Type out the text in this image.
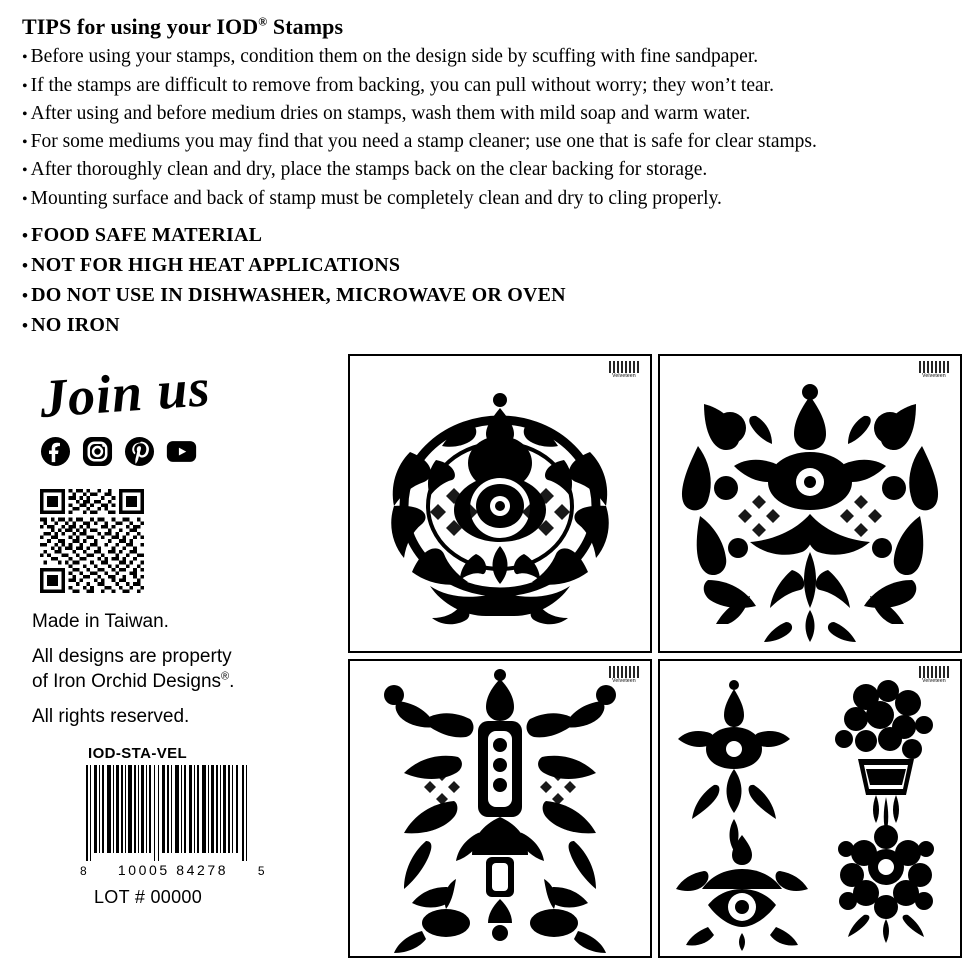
TIPS for using your IOD® Stamps

• Before using your stamps, condition them on the design side by scuffing with fine sandpaper.

• If the stamps are difficult to remove from backing, you can pull without worry; they won’t tear.

• After using and before medium dries on stamps, wash them with mild soap and warm water.

• For some mediums you may find that you need a stamp cleaner; use one that is safe for clear stamps.

• After thoroughly clean and dry, place the stamps back on the clear backing for storage.

• Mounting surface and back of stamp must be completely clean and dry to cling properly.

• FOOD SAFE MATERIAL

• NOT FOR HIGH HEAT APPLICATIONS

• DO NOT USE IN DISHWASHER, MICROWAVE OR OVEN

• NO IRON

Join us

Made in Taiwan.

All designs are property
of Iron Orchid Designs®.

All rights reserved.

IOD-STA-VEL
8	10005 84278	5
LOT # 00000
Velveteen	Velveteen
Velveteen	Velveteen
